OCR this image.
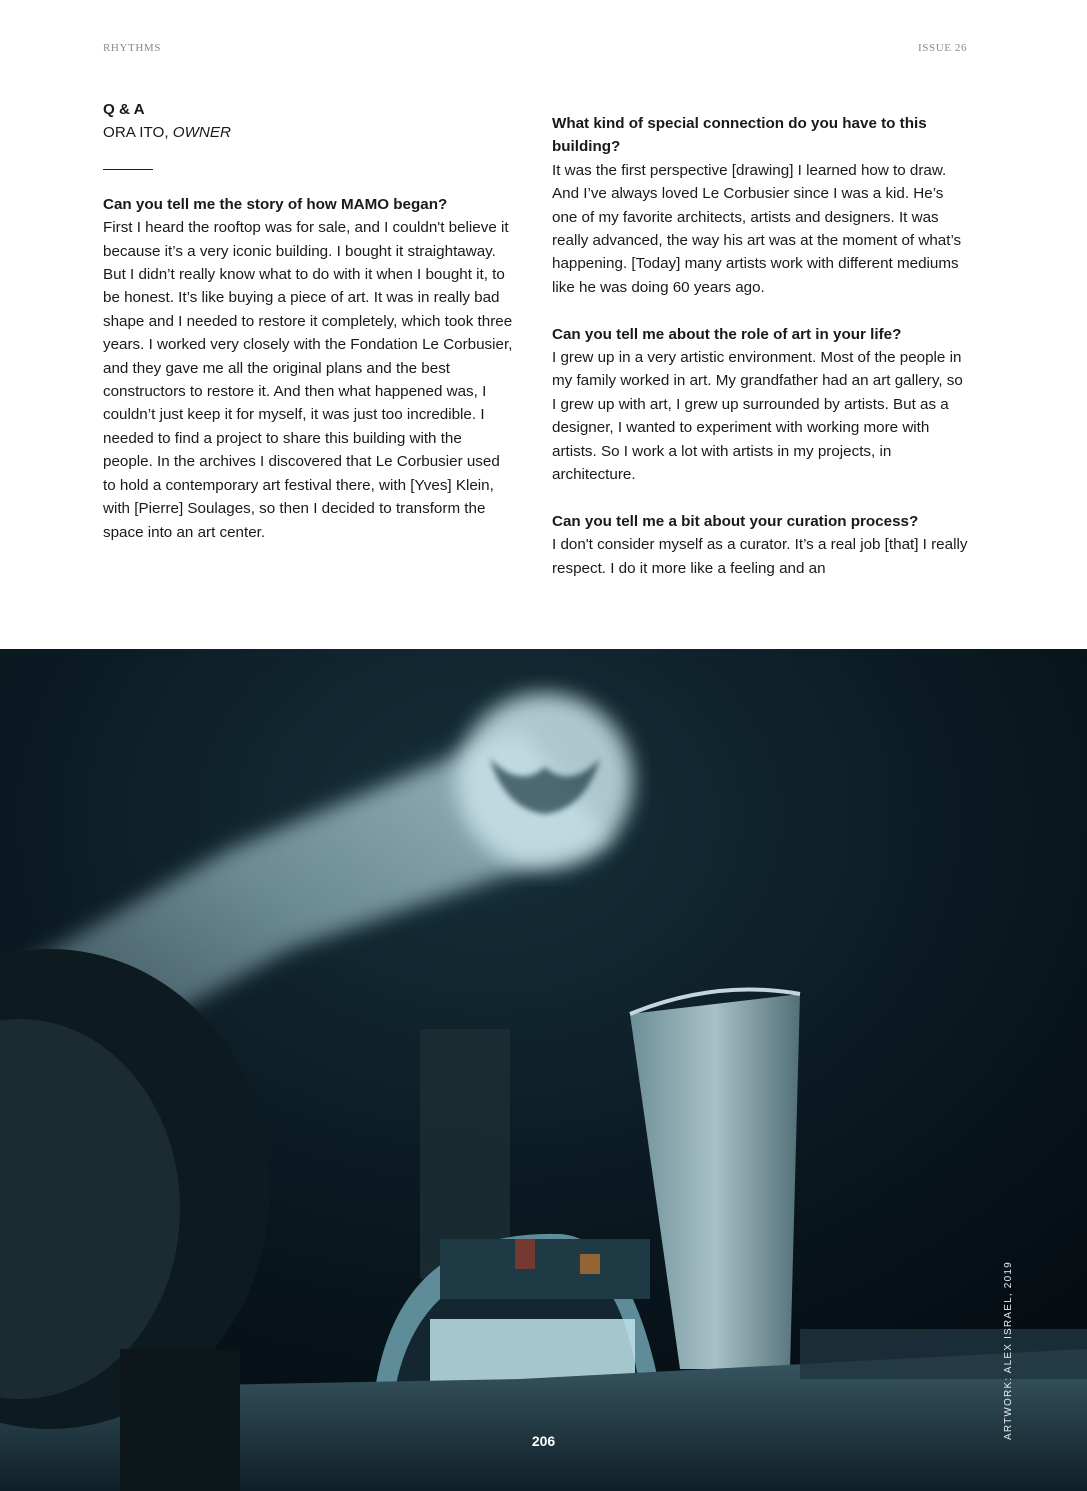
RHYTHMS	ISSUE 26

Q & A

ORA ITO, OWNER

Can you tell me the story of how MAMO began?

First I heard the rooftop was for sale, and I couldn't believe it because it’s a very iconic building. I bought it straightaway. But I didn’t really know what to do with it when I bought it, to be honest. It’s like buying a piece of art. It was in really bad shape and I needed to restore it completely, which took three years. I worked very closely with the Fondation Le Corbusier, and they gave me all the original plans and the best constructors to restore it. And then what happened was, I couldn’t just keep it for myself, it was just too incredible. I needed to find a project to share this building with the people. In the archives I discovered that Le Corbusier used to hold a contemporary art festival there, with [Yves] Klein, with [Pierre] Soulages, so then I decided to transform the space into an art center.

What kind of special connection do you have to this building?

It was the first perspective [drawing] I learned how to draw. And I’ve always loved Le Corbusier since I was a kid. He’s one of my favorite architects, artists and designers. It was really advanced, the way his art was at the moment of what’s happening. [Today] many artists work with different mediums like he was doing 60 years ago.

Can you tell me about the role of art in your life?

I grew up in a very artistic environment. Most of the people in my family worked in art. My grandfather had an art gallery, so I grew up with art, I grew up surrounded by artists. But as a designer, I wanted to experiment with working more with artists. So I work a lot with artists in my projects, in architecture.

Can you tell me a bit about your curation process?

I don't consider myself as a curator. It’s a real job [that] I really respect. I do it more like a feeling and an

206
ARTWORK: ALEX ISRAEL, 2019
